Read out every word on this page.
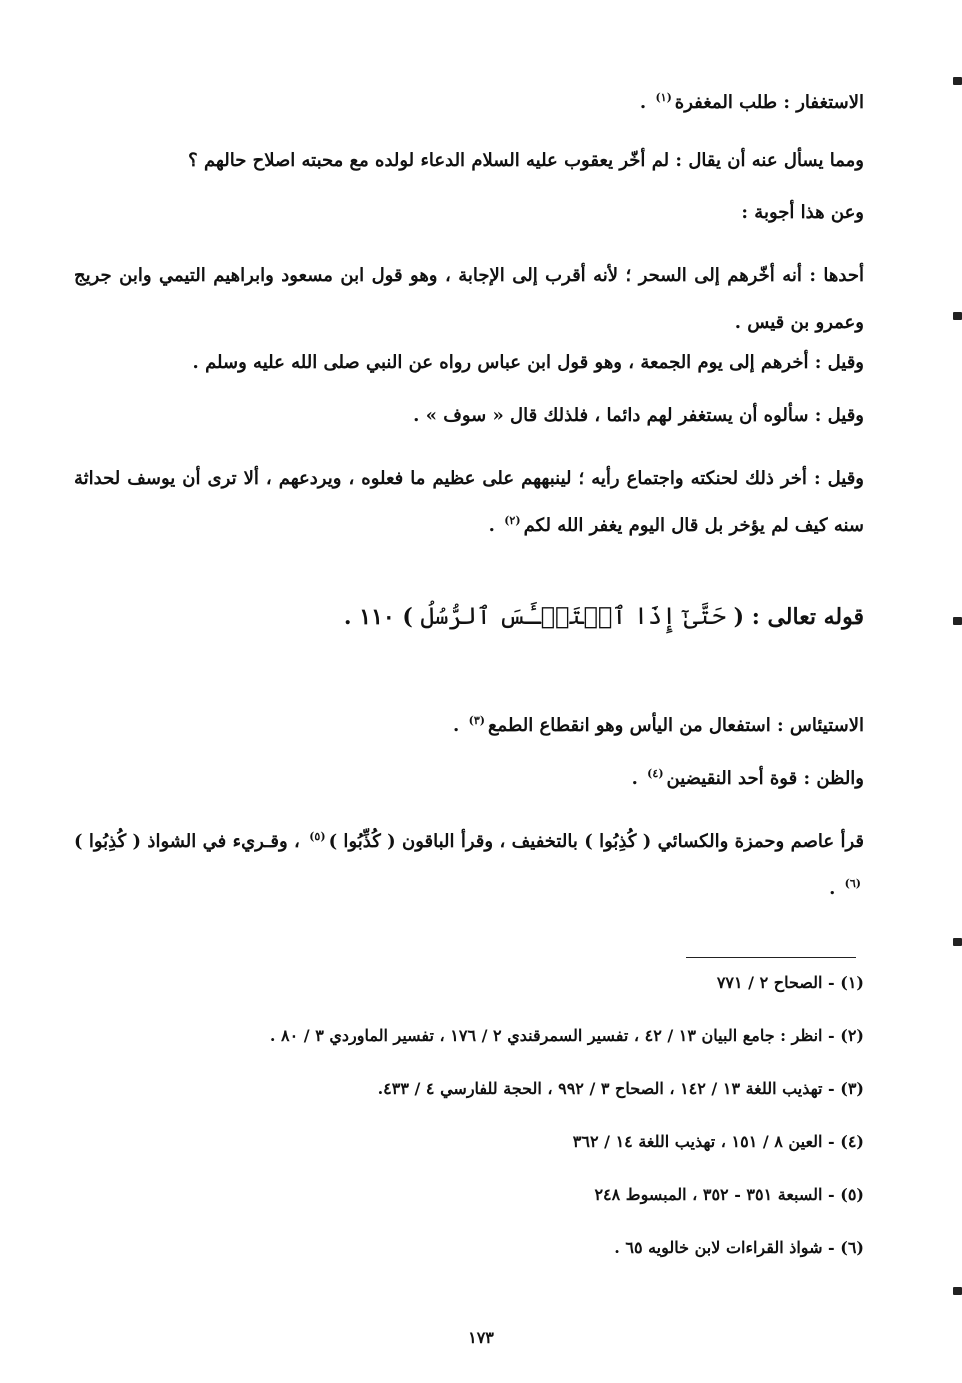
الاستغفار : طلب المغفرة$^{(١)}$ .
ومما يسأل عنه أن يقال : لم أخّر يعقوب عليه السلام الدعاء لولده مع محبته اصلاح حالهم ؟
وعن هذا أجوبة :
أحدها : أنه أخّرهم إلى السحر ؛ لأنه أقرب إلى الإجابة ، وهو قول ابن مسعود وابراهيم التيمي وابن جريج وعمرو بن قيس .
وقيل : أخرهم إلى يوم الجمعة ، وهو قول ابن عباس رواه عن النبي صلى الله عليه وسلم .
وقيل : سألوه أن يستغفر لهم دائما ، فلذلك قال « سوف » .
وقيل : أخر ذلك لحنكته واجتماع رأيه ؛ لينبههم على عظيم ما فعلوه ، ويردعهم ، ألا ترى أن يوسف لحداثة سنه كيف لم يؤخر بل قال اليوم يغفر الله لكم$^{(٢)}$ .
قوله تعالى : ( حَتَّىٰٓ إِذَا ٱسۡتَيۡـَٔسَ ٱلرُّسُلُ ) ١١٠ .
الاستيئاس : استفعال من اليأس وهو انقطاع الطمع$^{(٣)}$ .
والظن : قوة أحد النقيضين$^{(٤)}$ .
قرأ عاصم وحمزة والكسائي ( كُذِبُوا ) بالتخفيف ، وقرأ الباقون ( كُذِّبُوا )$^{(٥)}$ ، وقـري‌ء في الشواذ ( كُذِبُوا )$^{(٦)}$ .
(١) - الصحاح ٢ / ٧٧١
(٢) - انظر : جامع البيان ١٣ / ٤٢ ، تفسير السمرقندي ٢ / ١٧٦ ، تفسير الماوردي ٣ / ٨٠ .
(٣) - تهذيب اللغة ١٣ / ١٤٢ ، الصحاح ٣ / ٩٩٢ ، الحجة للفارسي ٤ / ٤٣٣.
(٤) - العين ٨ / ١٥١ ، تهذيب اللغة ١٤ / ٣٦٢
(٥) - السبعة ٣٥١ - ٣٥٢ ، المبسوط ٢٤٨
(٦) - شواذ القراءات لابن خالويه ٦٥ .
١٧٣
